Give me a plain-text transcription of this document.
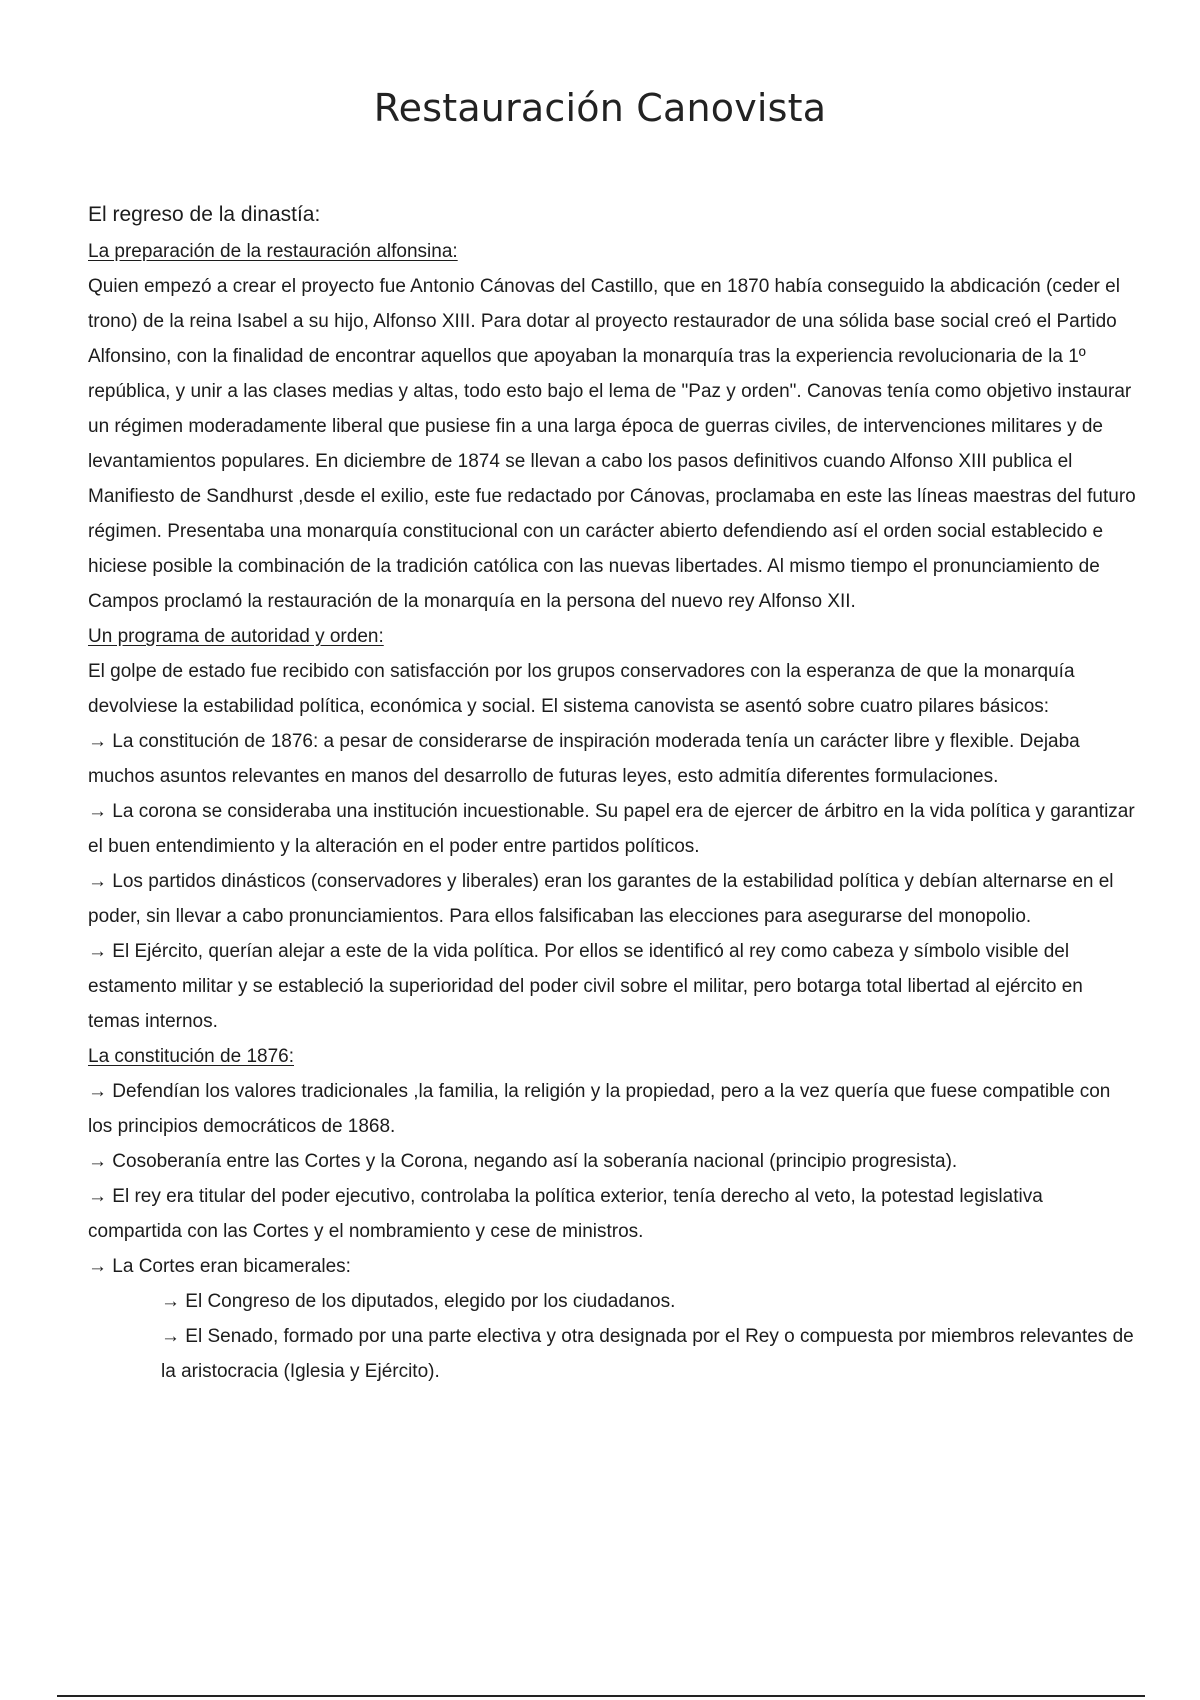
Restauración Canovista
El regreso de la dinastía:
La preparación de la restauración alfonsina:

Quien empezó a crear el proyecto fue Antonio Cánovas del Castillo, que en 1870 había conseguido la abdicación (ceder el trono) de la reina Isabel a su hijo, Alfonso XIII. Para dotar al proyecto restaurador de una sólida base social creó el Partido Alfonsino, con la finalidad de encontrar aquellos que apoyaban la monarquía tras la experiencia revolucionaria de la 1º república, y unir a las clases medias y altas, todo esto bajo el lema de "Paz y orden". Canovas tenía como objetivo instaurar un régimen moderadamente liberal que pusiese fin a una larga época de guerras civiles, de intervenciones militares y de levantamientos populares. En diciembre de 1874 se llevan a cabo los pasos definitivos cuando Alfonso XIII publica el Manifiesto de Sandhurst ,desde el exilio, este fue redactado por Cánovas, proclamaba en este las líneas maestras del futuro régimen. Presentaba una monarquía constitucional con un carácter abierto defendiendo así el orden social establecido e hiciese posible la combinación de la tradición católica con las nuevas libertades. Al mismo tiempo el pronunciamiento de Campos proclamó la restauración de la monarquía en la persona del nuevo rey Alfonso XII.

Un programa de autoridad y orden:

El golpe de estado fue recibido con satisfacción por los grupos conservadores con la esperanza de que la monarquía devolviese la estabilidad política, económica y social. El sistema canovista se asentó sobre cuatro pilares básicos:

→ La constitución de 1876: a pesar de considerarse de inspiración moderada tenía un carácter libre y flexible. Dejaba muchos asuntos relevantes en manos del desarrollo de futuras leyes, esto admitía diferentes formulaciones.

→ La corona se consideraba una institución incuestionable. Su papel era de ejercer de árbitro en la vida política y garantizar el buen entendimiento y la alteración en el poder entre partidos políticos.

→ Los partidos dinásticos (conservadores y liberales) eran los garantes de la estabilidad política y debían alternarse en el poder, sin llevar a cabo pronunciamientos. Para ellos falsificaban las elecciones para asegurarse del monopolio.

→ El Ejército, querían alejar a este de la vida política. Por ellos se identificó al rey como cabeza y símbolo visible del estamento militar y se estableció la superioridad del poder civil sobre el militar, pero botarga total libertad al ejército en temas internos.

La constitución de 1876:

→ Defendían los valores tradicionales ,la familia, la religión y la propiedad, pero a la vez quería que fuese compatible con los principios democráticos de 1868.

→ Cosoberanía entre las Cortes y la Corona, negando así la soberanía nacional (principio progresista).

→ El rey era titular del poder ejecutivo, controlaba la política exterior, tenía derecho al veto, la potestad legislativa compartida con las Cortes y el nombramiento y cese de ministros.

→ La Cortes eran bicamerales:

→ El Congreso de los diputados, elegido por los ciudadanos.

→ El Senado, formado por una parte electiva y otra designada por el Rey o compuesta por miembros relevantes de la aristocracia (Iglesia y Ejército).
